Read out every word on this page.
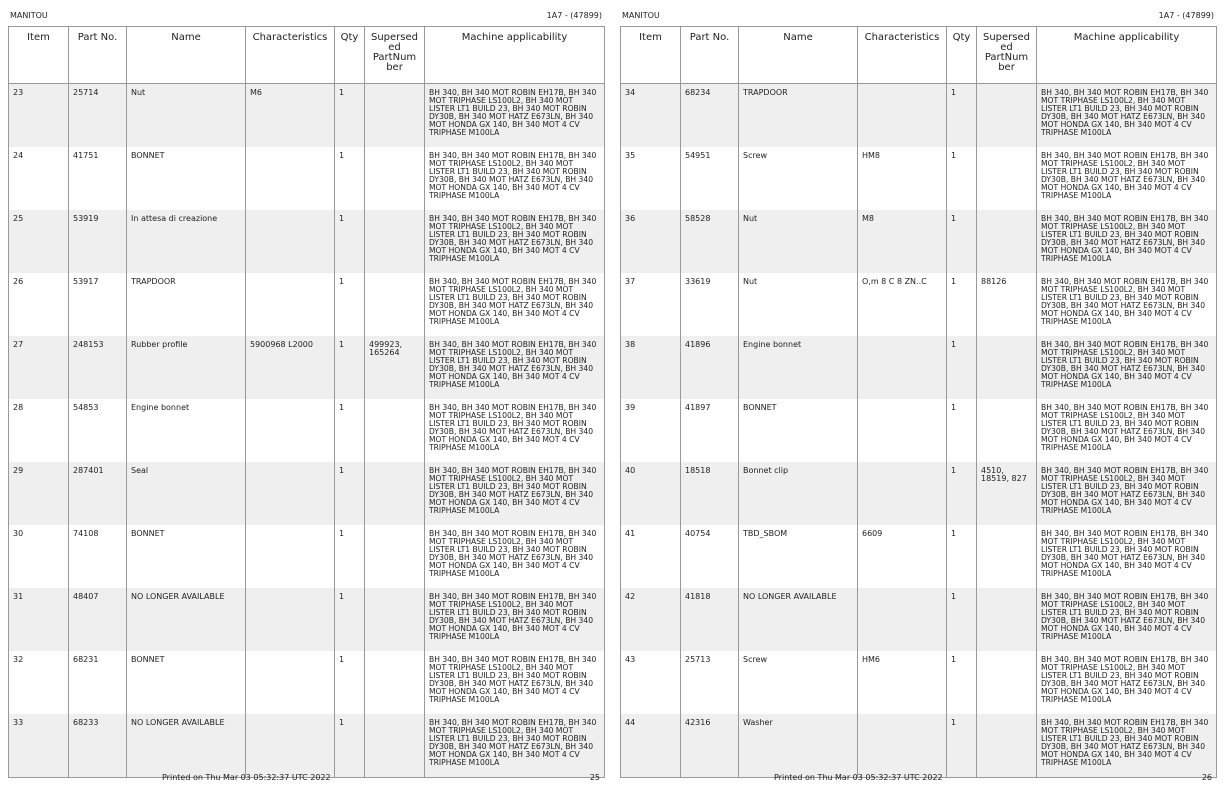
MANITOU	1A7 - (47899)
Item	Part No.	Name	Characteristics	Qty	Supersed ed PartNum ber	Machine applicability
23	25714	Nut	M6	1		BH 340, BH 340 MOT ROBIN EH17B, BH 340 MOT TRIPHASE LS100L2, BH 340 MOT LISTER LT1 BUILD 23, BH 340 MOT ROBIN DY30B, BH 340 MOT HATZ E673LN, BH 340 MOT HONDA GX 140, BH 340 MOT 4 CV TRIPHASE M100LA
24	41751	BONNET		1		BH 340, BH 340 MOT ROBIN EH17B, BH 340 MOT TRIPHASE LS100L2, BH 340 MOT LISTER LT1 BUILD 23, BH 340 MOT ROBIN DY30B, BH 340 MOT HATZ E673LN, BH 340 MOT HONDA GX 140, BH 340 MOT 4 CV TRIPHASE M100LA
25	53919	In attesa di creazione		1		BH 340, BH 340 MOT ROBIN EH17B, BH 340 MOT TRIPHASE LS100L2, BH 340 MOT LISTER LT1 BUILD 23, BH 340 MOT ROBIN DY30B, BH 340 MOT HATZ E673LN, BH 340 MOT HONDA GX 140, BH 340 MOT 4 CV TRIPHASE M100LA
26	53917	TRAPDOOR		1		BH 340, BH 340 MOT ROBIN EH17B, BH 340 MOT TRIPHASE LS100L2, BH 340 MOT LISTER LT1 BUILD 23, BH 340 MOT ROBIN DY30B, BH 340 MOT HATZ E673LN, BH 340 MOT HONDA GX 140, BH 340 MOT 4 CV TRIPHASE M100LA
27	248153	Rubber profile	5900968 L2000	1	499923, 165264	BH 340, BH 340 MOT ROBIN EH17B, BH 340 MOT TRIPHASE LS100L2, BH 340 MOT LISTER LT1 BUILD 23, BH 340 MOT ROBIN DY30B, BH 340 MOT HATZ E673LN, BH 340 MOT HONDA GX 140, BH 340 MOT 4 CV TRIPHASE M100LA
28	54853	Engine bonnet		1		BH 340, BH 340 MOT ROBIN EH17B, BH 340 MOT TRIPHASE LS100L2, BH 340 MOT LISTER LT1 BUILD 23, BH 340 MOT ROBIN DY30B, BH 340 MOT HATZ E673LN, BH 340 MOT HONDA GX 140, BH 340 MOT 4 CV TRIPHASE M100LA
29	287401	Seal		1		BH 340, BH 340 MOT ROBIN EH17B, BH 340 MOT TRIPHASE LS100L2, BH 340 MOT LISTER LT1 BUILD 23, BH 340 MOT ROBIN DY30B, BH 340 MOT HATZ E673LN, BH 340 MOT HONDA GX 140, BH 340 MOT 4 CV TRIPHASE M100LA
30	74108	BONNET		1		BH 340, BH 340 MOT ROBIN EH17B, BH 340 MOT TRIPHASE LS100L2, BH 340 MOT LISTER LT1 BUILD 23, BH 340 MOT ROBIN DY30B, BH 340 MOT HATZ E673LN, BH 340 MOT HONDA GX 140, BH 340 MOT 4 CV TRIPHASE M100LA
31	48407	NO LONGER AVAILABLE		1		BH 340, BH 340 MOT ROBIN EH17B, BH 340 MOT TRIPHASE LS100L2, BH 340 MOT LISTER LT1 BUILD 23, BH 340 MOT ROBIN DY30B, BH 340 MOT HATZ E673LN, BH 340 MOT HONDA GX 140, BH 340 MOT 4 CV TRIPHASE M100LA
32	68231	BONNET		1		BH 340, BH 340 MOT ROBIN EH17B, BH 340 MOT TRIPHASE LS100L2, BH 340 MOT LISTER LT1 BUILD 23, BH 340 MOT ROBIN DY30B, BH 340 MOT HATZ E673LN, BH 340 MOT HONDA GX 140, BH 340 MOT 4 CV TRIPHASE M100LA
33	68233	NO LONGER AVAILABLE		1		BH 340, BH 340 MOT ROBIN EH17B, BH 340 MOT TRIPHASE LS100L2, BH 340 MOT LISTER LT1 BUILD 23, BH 340 MOT ROBIN DY30B, BH 340 MOT HATZ E673LN, BH 340 MOT HONDA GX 140, BH 340 MOT 4 CV TRIPHASE M100LA
Printed on Thu Mar 03 05:32:37 UTC 2022	25
MANITOU	1A7 - (47899)
Item	Part No.	Name	Characteristics	Qty	Supersed ed PartNum ber	Machine applicability
34	68234	TRAPDOOR		1		BH 340, BH 340 MOT ROBIN EH17B, BH 340 MOT TRIPHASE LS100L2, BH 340 MOT LISTER LT1 BUILD 23, BH 340 MOT ROBIN DY30B, BH 340 MOT HATZ E673LN, BH 340 MOT HONDA GX 140, BH 340 MOT 4 CV TRIPHASE M100LA
35	54951	Screw	HM8	1		BH 340, BH 340 MOT ROBIN EH17B, BH 340 MOT TRIPHASE LS100L2, BH 340 MOT LISTER LT1 BUILD 23, BH 340 MOT ROBIN DY30B, BH 340 MOT HATZ E673LN, BH 340 MOT HONDA GX 140, BH 340 MOT 4 CV TRIPHASE M100LA
36	58528	Nut	M8	1		BH 340, BH 340 MOT ROBIN EH17B, BH 340 MOT TRIPHASE LS100L2, BH 340 MOT LISTER LT1 BUILD 23, BH 340 MOT ROBIN DY30B, BH 340 MOT HATZ E673LN, BH 340 MOT HONDA GX 140, BH 340 MOT 4 CV TRIPHASE M100LA
37	33619	Nut	O,m 8 C 8 ZN..C	1	88126	BH 340, BH 340 MOT ROBIN EH17B, BH 340 MOT TRIPHASE LS100L2, BH 340 MOT LISTER LT1 BUILD 23, BH 340 MOT ROBIN DY30B, BH 340 MOT HATZ E673LN, BH 340 MOT HONDA GX 140, BH 340 MOT 4 CV TRIPHASE M100LA
38	41896	Engine bonnet		1		BH 340, BH 340 MOT ROBIN EH17B, BH 340 MOT TRIPHASE LS100L2, BH 340 MOT LISTER LT1 BUILD 23, BH 340 MOT ROBIN DY30B, BH 340 MOT HATZ E673LN, BH 340 MOT HONDA GX 140, BH 340 MOT 4 CV TRIPHASE M100LA
39	41897	BONNET		1		BH 340, BH 340 MOT ROBIN EH17B, BH 340 MOT TRIPHASE LS100L2, BH 340 MOT LISTER LT1 BUILD 23, BH 340 MOT ROBIN DY30B, BH 340 MOT HATZ E673LN, BH 340 MOT HONDA GX 140, BH 340 MOT 4 CV TRIPHASE M100LA
40	18518	Bonnet clip		1	4510, 18519, 827	BH 340, BH 340 MOT ROBIN EH17B, BH 340 MOT TRIPHASE LS100L2, BH 340 MOT LISTER LT1 BUILD 23, BH 340 MOT ROBIN DY30B, BH 340 MOT HATZ E673LN, BH 340 MOT HONDA GX 140, BH 340 MOT 4 CV TRIPHASE M100LA
41	40754	TBD_SBOM	6609	1		BH 340, BH 340 MOT ROBIN EH17B, BH 340 MOT TRIPHASE LS100L2, BH 340 MOT LISTER LT1 BUILD 23, BH 340 MOT ROBIN DY30B, BH 340 MOT HATZ E673LN, BH 340 MOT HONDA GX 140, BH 340 MOT 4 CV TRIPHASE M100LA
42	41818	NO LONGER AVAILABLE		1		BH 340, BH 340 MOT ROBIN EH17B, BH 340 MOT TRIPHASE LS100L2, BH 340 MOT LISTER LT1 BUILD 23, BH 340 MOT ROBIN DY30B, BH 340 MOT HATZ E673LN, BH 340 MOT HONDA GX 140, BH 340 MOT 4 CV TRIPHASE M100LA
43	25713	Screw	HM6	1		BH 340, BH 340 MOT ROBIN EH17B, BH 340 MOT TRIPHASE LS100L2, BH 340 MOT LISTER LT1 BUILD 23, BH 340 MOT ROBIN DY30B, BH 340 MOT HATZ E673LN, BH 340 MOT HONDA GX 140, BH 340 MOT 4 CV TRIPHASE M100LA
44	42316	Washer		1		BH 340, BH 340 MOT ROBIN EH17B, BH 340 MOT TRIPHASE LS100L2, BH 340 MOT LISTER LT1 BUILD 23, BH 340 MOT ROBIN DY30B, BH 340 MOT HATZ E673LN, BH 340 MOT HONDA GX 140, BH 340 MOT 4 CV TRIPHASE M100LA
Printed on Thu Mar 03 05:32:37 UTC 2022	26
